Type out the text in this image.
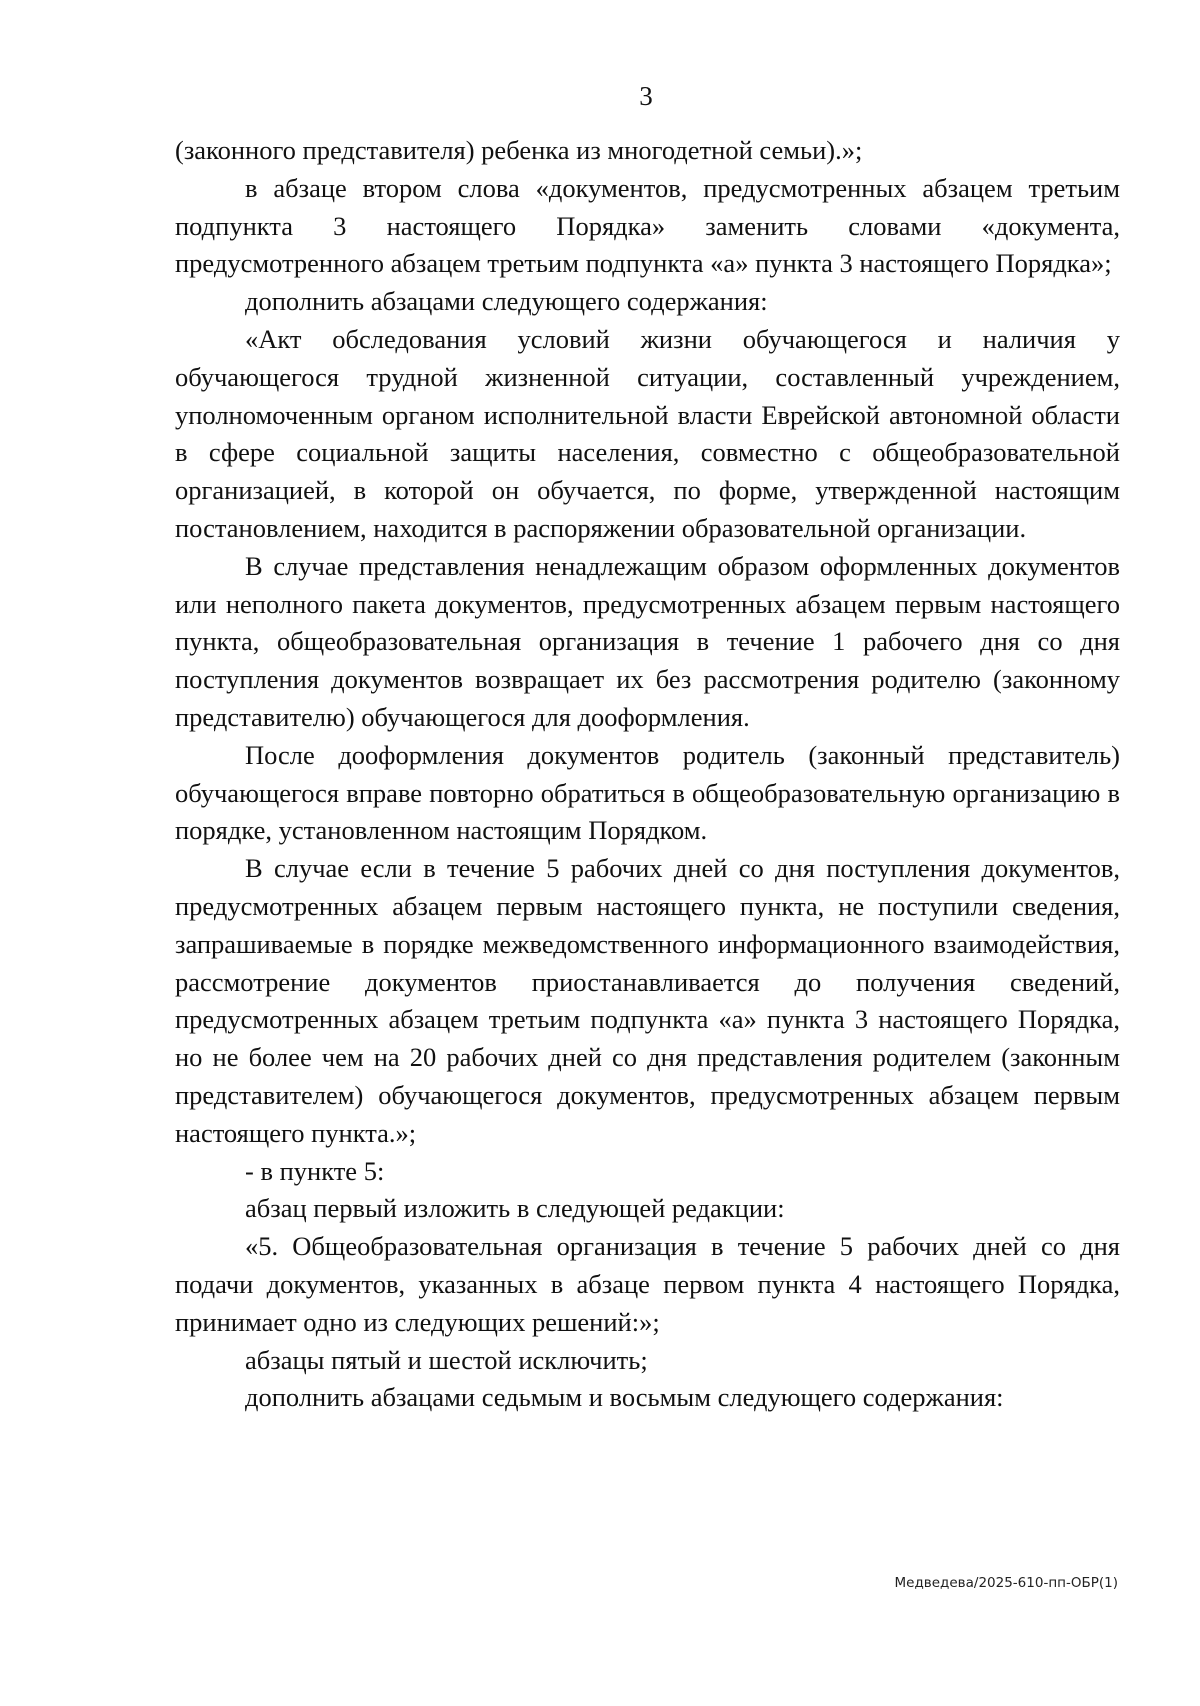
3

(законного представителя) ребенка из многодетной семьи).»;

в абзаце втором слова «документов, предусмотренных абзацем третьим подпункта 3 настоящего Порядка» заменить словами «документа, предусмотренного абзацем третьим подпункта «а» пункта 3 настоящего Порядка»;

дополнить абзацами следующего содержания:

«Акт обследования условий жизни обучающегося и наличия у обучающегося трудной жизненной ситуации, составленный учреждением, уполномоченным органом исполнительной власти Еврейской автономной области в сфере социальной защиты населения, совместно с общеобразовательной организацией, в которой он обучается, по форме, утвержденной настоящим постановлением, находится в распоряжении образовательной организации.

В случае представления ненадлежащим образом оформленных документов или неполного пакета документов, предусмотренных абзацем первым настоящего пункта, общеобразовательная организация в течение 1 рабочего дня со дня поступления документов возвращает их без рассмотрения родителю (законному представителю) обучающегося для дооформления.

После дооформления документов родитель (законный представитель) обучающегося вправе повторно обратиться в общеобразовательную организацию в порядке, установленном настоящим Порядком.

В случае если в течение 5 рабочих дней со дня поступления документов, предусмотренных абзацем первым настоящего пункта, не поступили сведения, запрашиваемые в порядке межведомственного информационного взаимодействия, рассмотрение документов приостанавливается до получения сведений, предусмотренных абзацем третьим подпункта «а» пункта 3 настоящего Порядка, но не более чем на 20 рабочих дней со дня представления родителем (законным представителем) обучающегося документов, предусмотренных абзацем первым настоящего пункта.»;

- в пункте 5:

абзац первый изложить в следующей редакции:

«5. Общеобразовательная организация в течение 5 рабочих дней со дня подачи документов, указанных в абзаце первом пункта 4 настоящего Порядка, принимает одно из следующих решений:»;

абзацы пятый и шестой исключить;

дополнить абзацами седьмым и восьмым следующего содержания:

Медведева/2025-610-пп-ОБР(1)
